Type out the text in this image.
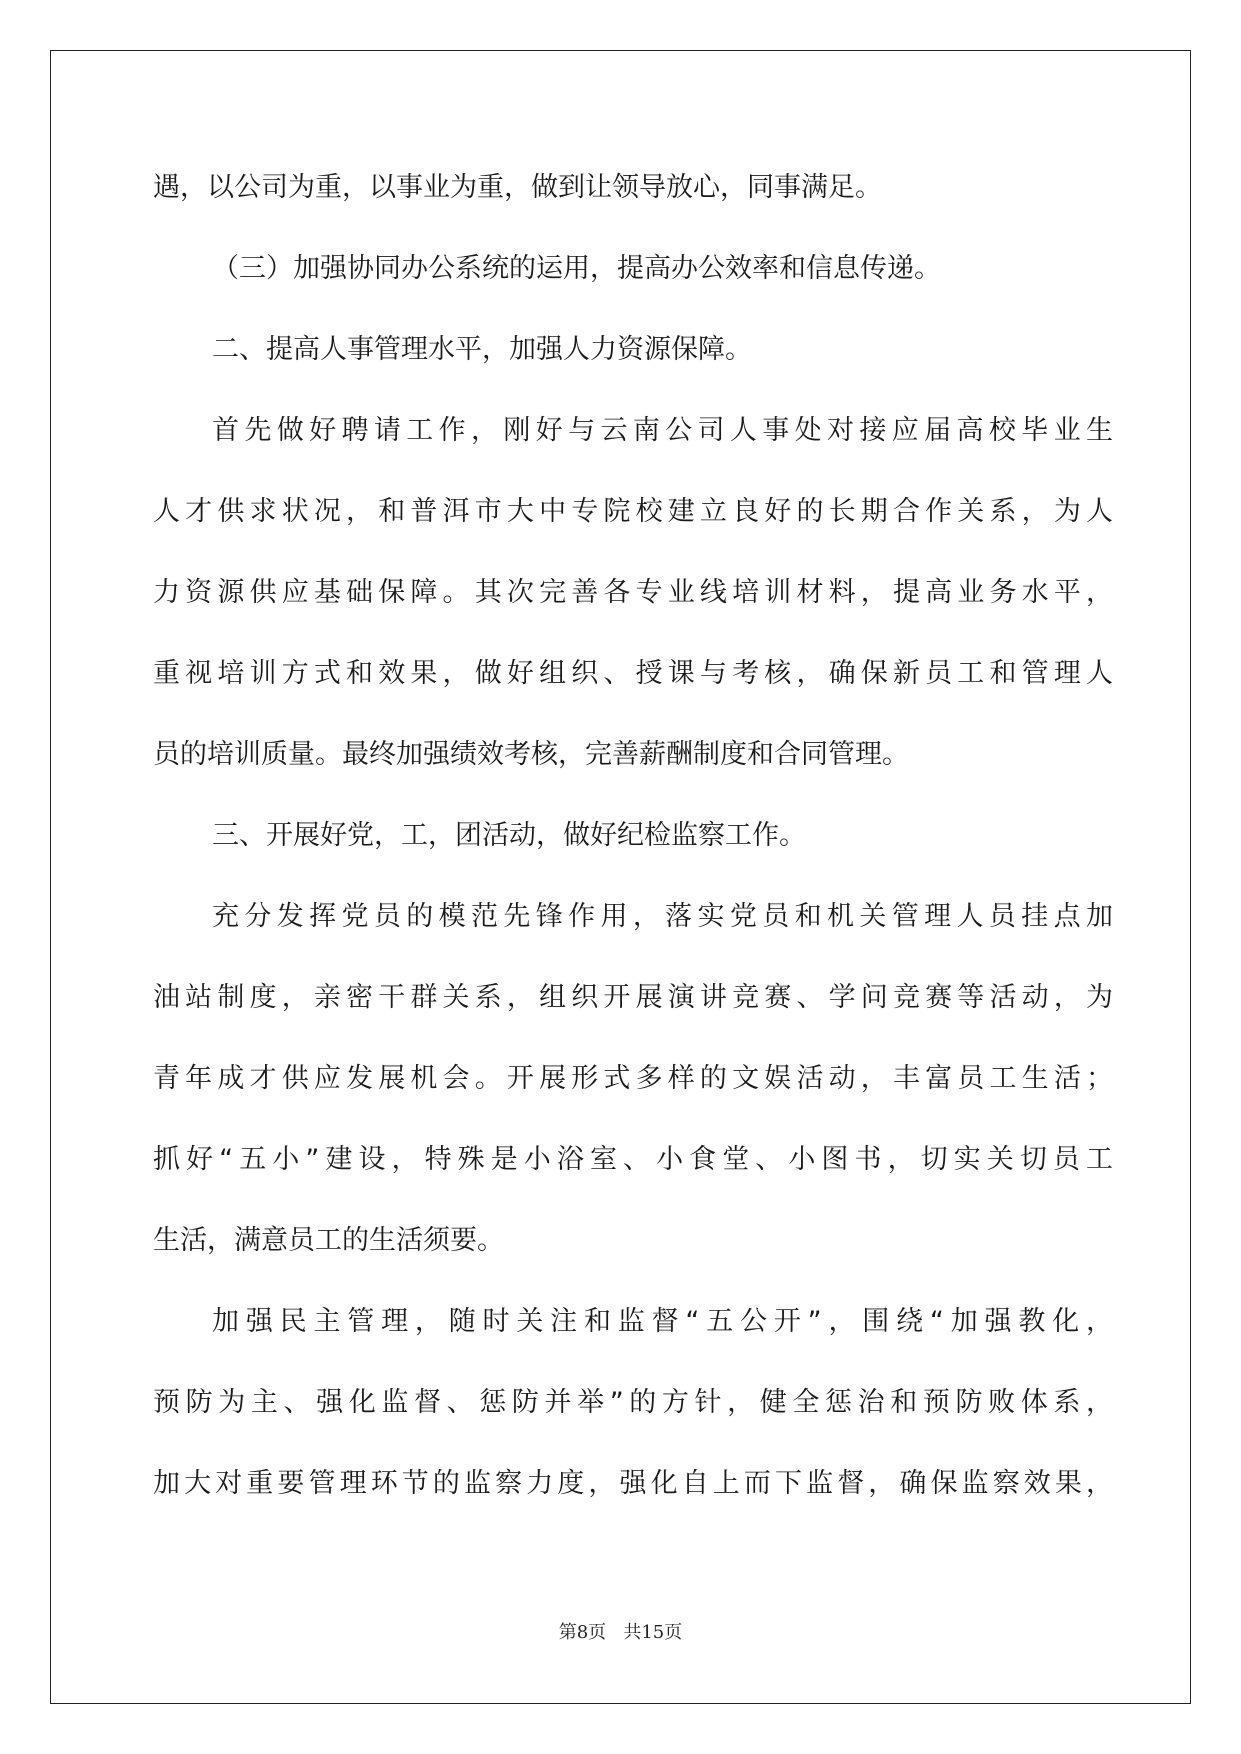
遇，以公司为重，以事业为重，做到让领导放心，同事满足。
（三）加强协同办公系统的运用，提高办公效率和信息传递。
二、提高人事管理水平，加强人力资源保障。
首先做好聘请工作，刚好与云南公司人事处对接应届高校毕业生
人才供求状况，和普洱市大中专院校建立良好的长期合作关系，为人
力资源供应基础保障。其次完善各专业线培训材料，提高业务水平，
重视培训方式和效果，做好组织、授课与考核，确保新员工和管理人
员的培训质量。最终加强绩效考核，完善薪酬制度和合同管理。
三、开展好党，工，团活动，做好纪检监察工作。
充分发挥党员的模范先锋作用，落实党员和机关管理人员挂点加
油站制度，亲密干群关系，组织开展演讲竞赛、学问竞赛等活动，为
青年成才供应发展机会。开展形式多样的文娱活动，丰富员工生活；
抓好“五小”建设，特殊是小浴室、小食堂、小图书，切实关切员工
生活，满意员工的生活须要。
加强民主管理，随时关注和监督“五公开”，围绕“加强教化，
预防为主、强化监督、惩防并举”的方针，健全惩治和预防败体系，
加大对重要管理环节的监察力度，强化自上而下监督，确保监察效果，
第8页 共15页
